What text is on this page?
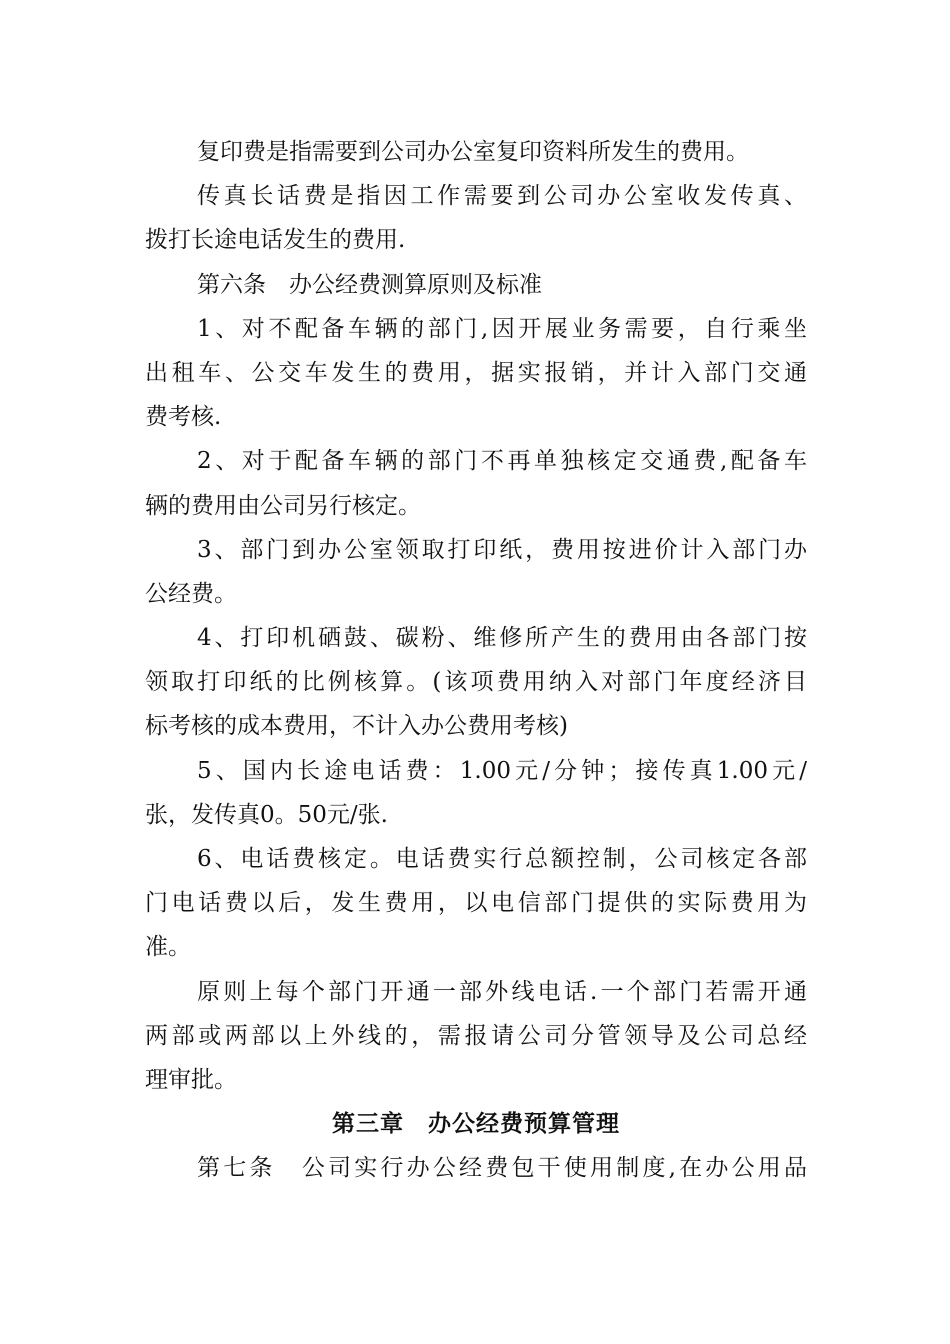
复印费是指需要到公司办公室复印资料所发生的费用。
传真长话费是指因工作需要到公司办公室收发传真、
拨打长途电话发生的费用.
第六条　办公经费测算原则及标准
1、对不配备车辆的部门,因开展业务需要，自行乘坐
出租车、公交车发生的费用，据实报销，并计入部门交通
费考核.
2、对于配备车辆的部门不再单独核定交通费,配备车
辆的费用由公司另行核定。
3、部门到办公室领取打印纸，费用按进价计入部门办
公经费。
4、打印机硒鼓、碳粉、维修所产生的费用由各部门按
领取打印纸的比例核算。(该项费用纳入对部门年度经济目
标考核的成本费用，不计入办公费用考核)
5、国内长途电话费：1.00元/分钟；接传真1.00元/
张，发传真0。50元/张.
6、电话费核定。电话费实行总额控制，公司核定各部
门电话费以后，发生费用，以电信部门提供的实际费用为
准。
原则上每个部门开通一部外线电话.一个部门若需开通
两部或两部以上外线的，需报请公司分管领导及公司总经
理审批。
第三章　办公经费预算管理
第七条　公司实行办公经费包干使用制度,在办公用品
